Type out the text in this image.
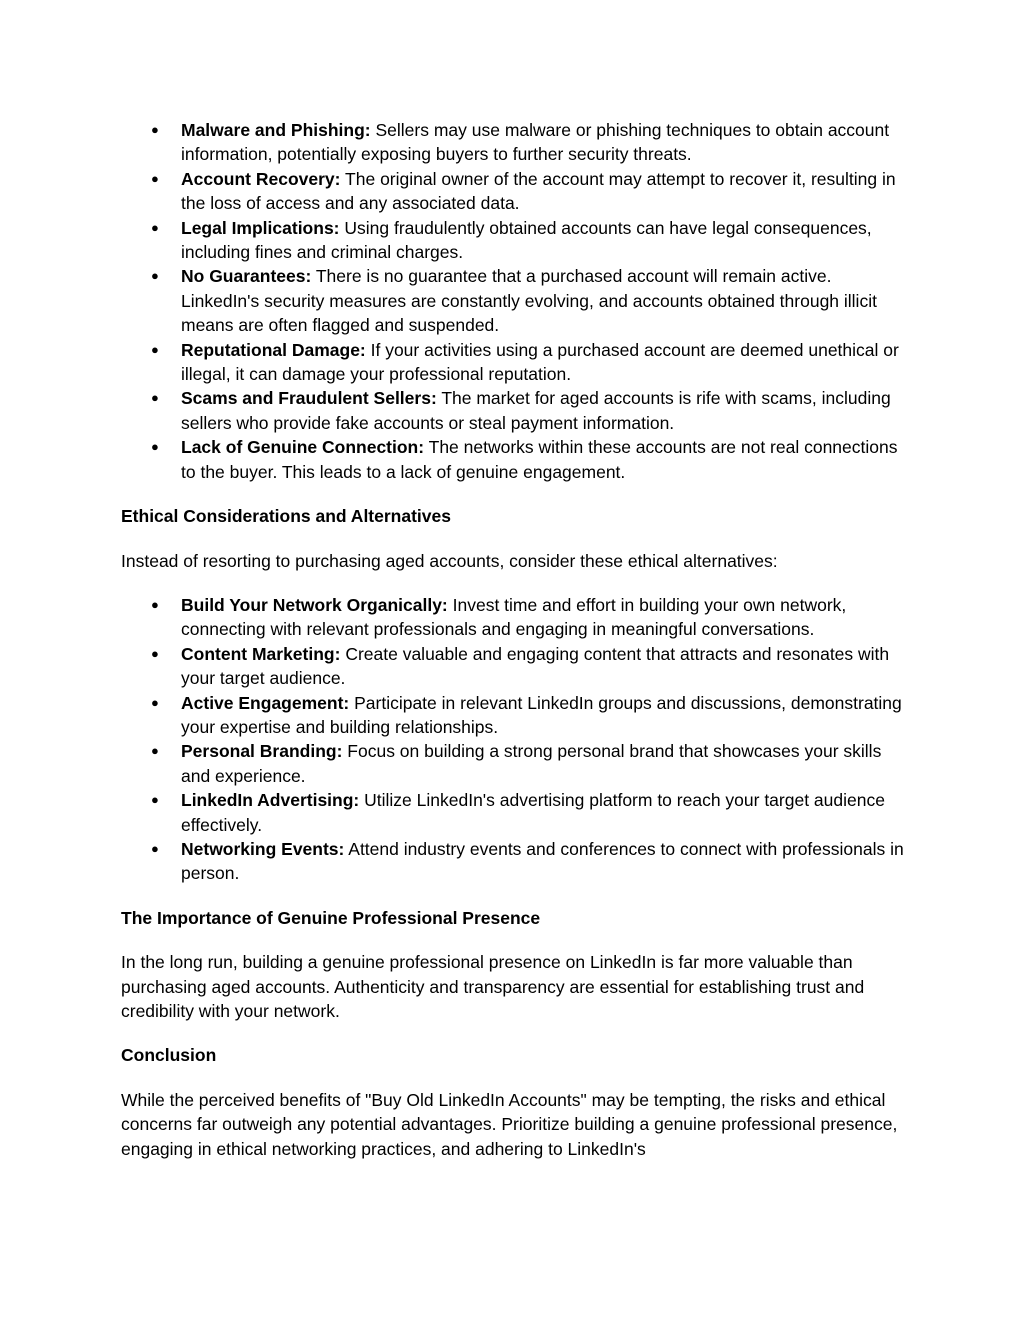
● Malware and Phishing: Sellers may use malware or phishing techniques to obtain account information, potentially exposing buyers to further security threats.
● Account Recovery: The original owner of the account may attempt to recover it, resulting in the loss of access and any associated data.
● Legal Implications: Using fraudulently obtained accounts can have legal consequences, including fines and criminal charges.
● No Guarantees: There is no guarantee that a purchased account will remain active. LinkedIn's security measures are constantly evolving, and accounts obtained through illicit means are often flagged and suspended.
● Reputational Damage: If your activities using a purchased account are deemed unethical or illegal, it can damage your professional reputation.
● Scams and Fraudulent Sellers: The market for aged accounts is rife with scams, including sellers who provide fake accounts or steal payment information.
● Lack of Genuine Connection: The networks within these accounts are not real connections to the buyer. This leads to a lack of genuine engagement.

Ethical Considerations and Alternatives

Instead of resorting to purchasing aged accounts, consider these ethical alternatives:

● Build Your Network Organically: Invest time and effort in building your own network, connecting with relevant professionals and engaging in meaningful conversations.
● Content Marketing: Create valuable and engaging content that attracts and resonates with your target audience.
● Active Engagement: Participate in relevant LinkedIn groups and discussions, demonstrating your expertise and building relationships.
● Personal Branding: Focus on building a strong personal brand that showcases your skills and experience.
● LinkedIn Advertising: Utilize LinkedIn's advertising platform to reach your target audience effectively.
● Networking Events: Attend industry events and conferences to connect with professionals in person.

The Importance of Genuine Professional Presence

In the long run, building a genuine professional presence on LinkedIn is far more valuable than purchasing aged accounts. Authenticity and transparency are essential for establishing trust and credibility with your network.

Conclusion

While the perceived benefits of "Buy Old LinkedIn Accounts" may be tempting, the risks and ethical concerns far outweigh any potential advantages. Prioritize building a genuine professional presence, engaging in ethical networking practices, and adhering to LinkedIn's
